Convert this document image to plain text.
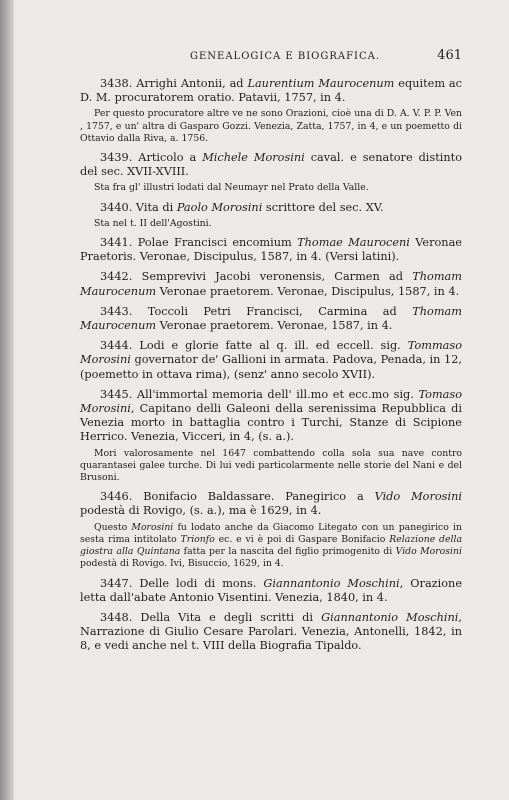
GENEALOGICA E BIOGRAFICA.	461

3438. Arrighi Antonii, ad Laurentium Maurocenum equitem ac D. M. procuratorem oratio. Patavii, 1757, in 4.

Per questo procuratore altre ve ne sono Orazioni, cioè una di D. A. V. P. P. Ven , 1757, e un' altra di Gasparo Gozzi. Venezia, Zatta, 1757, in 4, e un poemetto di Ottavio dalla Riva, a. 1756.

3439. Articolo a Michele Morosini caval. e senatore distinto del sec. XVII-XVIII.

Sta fra gl' illustri lodati dal Neumayr nel Prato della Valle.

3440. Vita di Paolo Morosini scrittore del sec. XV.

Sta nel t. II dell'Agostini.

3441. Polae Francisci encomium Thomae Mauroceni Veronae Praetoris. Veronae, Discipulus, 1587, in 4. (Versi latini).

3442. Semprevivi Jacobi veronensis, Carmen ad Thomam Maurocenum Veronae praetorem. Veronae, Discipulus, 1587, in 4.

3443. Toccoli Petri Francisci, Carmina ad Thomam Maurocenum Veronae praetorem. Veronae, 1587, in 4.

3444. Lodi e glorie fatte al q. ill. ed eccell. sig. Tommaso Morosini governator de' Gallioni in armata. Padova, Penada, in 12, (poemetto in ottava rima), (senz' anno secolo XVII).

3445. All'immortal memoria dell' ill.mo et ecc.mo sig. Tomaso Morosini, Capitano delli Galeoni della serenissima Repubblica di Venezia morto in battaglia contro i Turchi, Stanze di Scipione Herrico. Venezia, Vicceri, in 4, (s. a.).

Mori valorosamente nel 1647 combattendo colla sola sua nave contro quarantasei galee turche. Di lui vedi particolarmente nelle storie del Nani e del Brusoni.

3446. Bonifacio Baldassare. Panegirico a Vido Morosini podestà di Rovigo, (s. a.), ma è 1629, in 4.

Questo Morosini fu lodato anche da Giacomo Litegato con un panegirico in sesta rima intitolato Trionfo ec. e vi è poi di Gaspare Bonifacio Relazione della giostra alla Quintana fatta per la nascita del figlio primogenito di Vido Morosini podestà di Rovigo. Ivi, Bisuccio, 1629, in 4.

3447. Delle lodi di mons. Giannantonio Moschini, Orazione letta dall'abate Antonio Visentini. Venezia, 1840, in 4.

3448. Della Vita e degli scritti di Giannantonio Moschini, Narrazione di Giulio Cesare Parolari. Venezia, Antonelli, 1842, in 8, e vedi anche nel t. VIII della Biografia Tipaldo.
